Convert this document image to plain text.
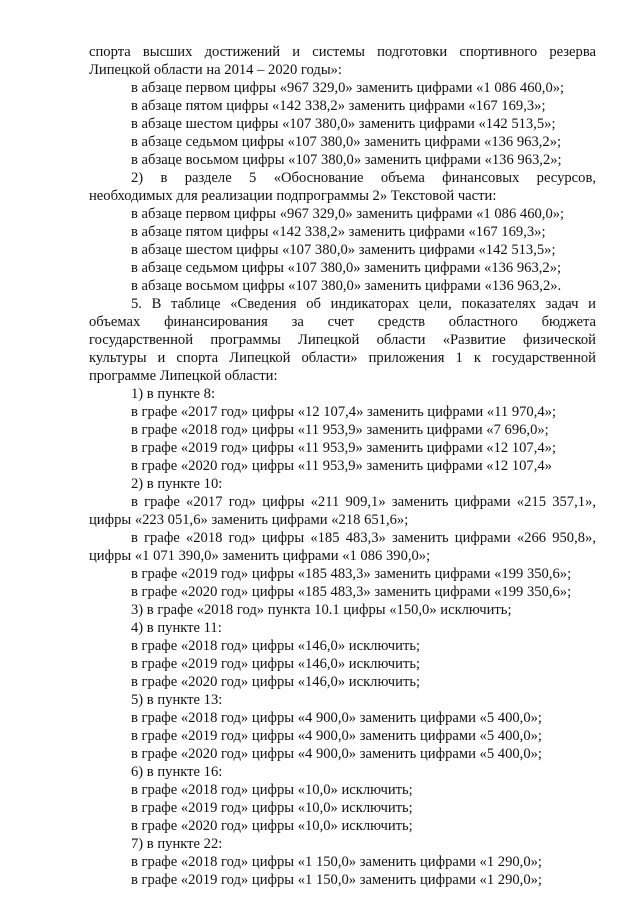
спорта высших достижений и системы подготовки спортивного резерва
Липецкой области на 2014 – 2020 годы»:
в абзаце первом цифры «967 329,0» заменить цифрами «1 086 460,0»;
в абзаце пятом цифры «142 338,2» заменить цифрами «167 169,3»;
в абзаце шестом цифры «107 380,0» заменить цифрами «142 513,5»;
в абзаце седьмом цифры «107 380,0» заменить цифрами «136 963,2»;
в абзаце восьмом цифры «107 380,0» заменить цифрами «136 963,2»;
2) в разделе 5 «Обоснование объема финансовых ресурсов,
необходимых для реализации подпрограммы 2» Текстовой части:
в абзаце первом цифры «967 329,0» заменить цифрами «1 086 460,0»;
в абзаце пятом цифры «142 338,2» заменить цифрами «167 169,3»;
в абзаце шестом цифры «107 380,0» заменить цифрами «142 513,5»;
в абзаце седьмом цифры «107 380,0» заменить цифрами «136 963,2»;
в абзаце восьмом цифры «107 380,0» заменить цифрами «136 963,2».
5. В таблице «Сведения об индикаторах цели, показателях задач и
объемах финансирования за счет средств областного бюджета
государственной программы Липецкой области «Развитие физической
культуры и спорта Липецкой области» приложения 1 к государственной
программе Липецкой области:
1) в пункте 8:
в графе «2017 год» цифры «12 107,4» заменить цифрами «11 970,4»;
в графе «2018 год» цифры «11 953,9» заменить цифрами «7 696,0»;
в графе «2019 год» цифры «11 953,9» заменить цифрами «12 107,4»;
в графе «2020 год» цифры «11 953,9» заменить цифрами «12 107,4»
2) в пункте 10:
в графе «2017 год» цифры «211 909,1» заменить цифрами «215 357,1»,
цифры «223 051,6» заменить цифрами «218 651,6»;
в графе «2018 год» цифры «185 483,3» заменить цифрами «266 950,8»,
цифры «1 071 390,0» заменить цифрами «1 086 390,0»;
в графе «2019 год» цифры «185 483,3» заменить цифрами «199 350,6»;
в графе «2020 год» цифры «185 483,3» заменить цифрами «199 350,6»;
3) в графе «2018 год» пункта 10.1 цифры «150,0» исключить;
4) в пункте 11:
в графе «2018 год» цифры «146,0» исключить;
в графе «2019 год» цифры «146,0» исключить;
в графе «2020 год» цифры «146,0» исключить;
5) в пункте 13:
в графе «2018 год» цифры «4 900,0» заменить цифрами «5 400,0»;
в графе «2019 год» цифры «4 900,0» заменить цифрами «5 400,0»;
в графе «2020 год» цифры «4 900,0» заменить цифрами «5 400,0»;
6) в пункте 16:
в графе «2018 год» цифры «10,0» исключить;
в графе «2019 год» цифры «10,0» исключить;
в графе «2020 год» цифры «10,0» исключить;
7) в пункте 22:
в графе «2018 год» цифры «1 150,0» заменить цифрами «1 290,0»;
в графе «2019 год» цифры «1 150,0» заменить цифрами «1 290,0»;
